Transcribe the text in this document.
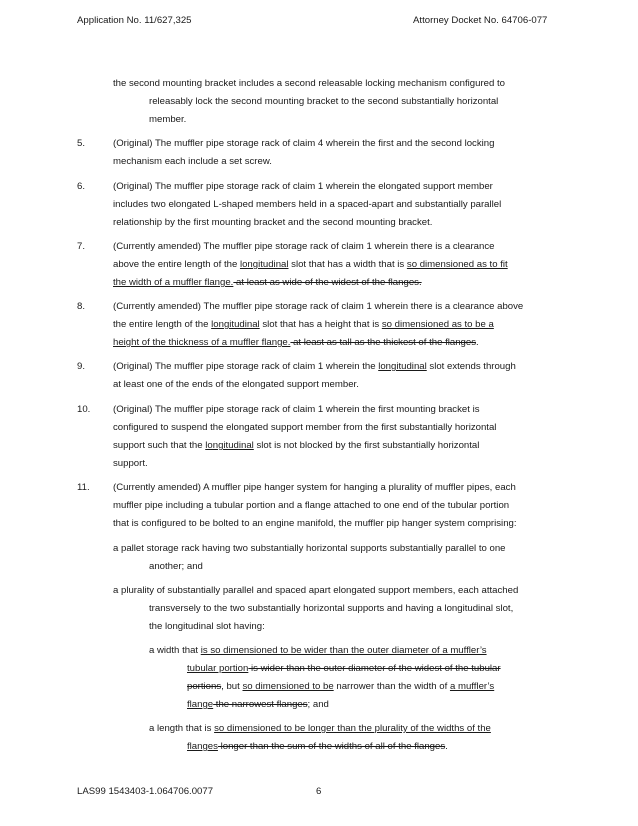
Application No. 11/627,325	Attorney Docket No. 64706-077
the second mounting bracket includes a second releasable locking mechanism configured to
releasably lock the second mounting bracket to the second substantially horizontal
member.
5.	(Original) The muffler pipe storage rack of claim 4 wherein the first and the second locking
mechanism each include a set screw.
6.	(Original) The muffler pipe storage rack of claim 1 wherein the elongated support member
includes two elongated L-shaped members held in a spaced-apart and substantially parallel
relationship by the first mounting bracket and the second mounting bracket.
7.	(Currently amended) The muffler pipe storage rack of claim 1 wherein there is a clearance
above the entire length of the longitudinal slot that has a width that is so dimensioned as to fit
the width of a muffler flange. at least as wide of the widest of the flanges.
8.	(Currently amended) The muffler pipe storage rack of claim 1 wherein there is a clearance above
the entire length of the longitudinal slot that has a height that is so dimensioned as to be a
height of the thickness of a muffler flange. at least as tall as the thickest of the flanges.
9.	(Original) The muffler pipe storage rack of claim 1 wherein the longitudinal slot extends through
at least one of the ends of the elongated support member.
10. (Original) The muffler pipe storage rack of claim 1 wherein the first mounting bracket is
configured to suspend the elongated support member from the first substantially horizontal
support such that the longitudinal slot is not blocked by the first substantially horizontal
support.
11. (Currently amended) A muffler pipe hanger system for hanging a plurality of muffler pipes, each
muffler pipe including a tubular portion and a flange attached to one end of the tubular portion
that is configured to be bolted to an engine manifold, the muffler pip hanger system comprising:
a pallet storage rack having two substantially horizontal supports substantially parallel to one
another; and
a plurality of substantially parallel and spaced apart elongated support members, each attached
transversely to the two substantially horizontal supports and having a longitudinal slot,
the longitudinal slot having:
a width that is so dimensioned to be wider than the outer diameter of a muffler’s
tubular portion is wider than the outer diameter of the widest of the tubular
portions, but so dimensioned to be narrower than the width of a muffler’s
flange the narrowest flanges; and
a length that is so dimensioned to be longer than the plurality of the widths of the
flanges longer than the sum of the widths of all of the flanges.
LAS99 1543403-1.064706.0077	6
